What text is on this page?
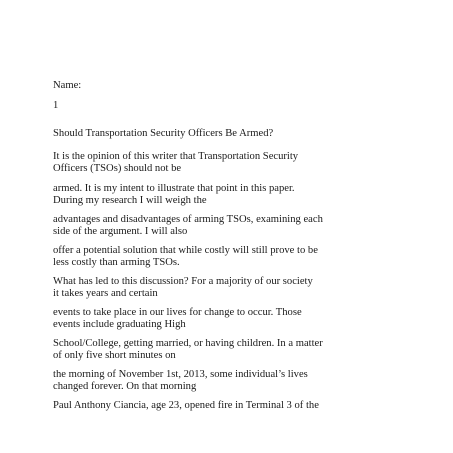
Name:

1

Should Transportation Security Officers Be Armed?

It is the opinion of this writer that Transportation Security
Officers (TSOs) should not be
armed. It is my intent to illustrate that point in this paper.
During my research I will weigh the
advantages and disadvantages of arming TSOs, examining each
side of the argument. I will also
offer a potential solution that while costly will still prove to be
less costly than arming TSOs.
What has led to this discussion? For a majority of our society
it takes years and certain
events to take place in our lives for change to occur. Those
events include graduating High
School/College, getting married, or having children. In a matter
of only five short minutes on
the morning of November 1st, 2013, some individual’s lives
changed forever. On that morning
Paul Anthony Ciancia, age 23, opened fire in Terminal 3 of the
